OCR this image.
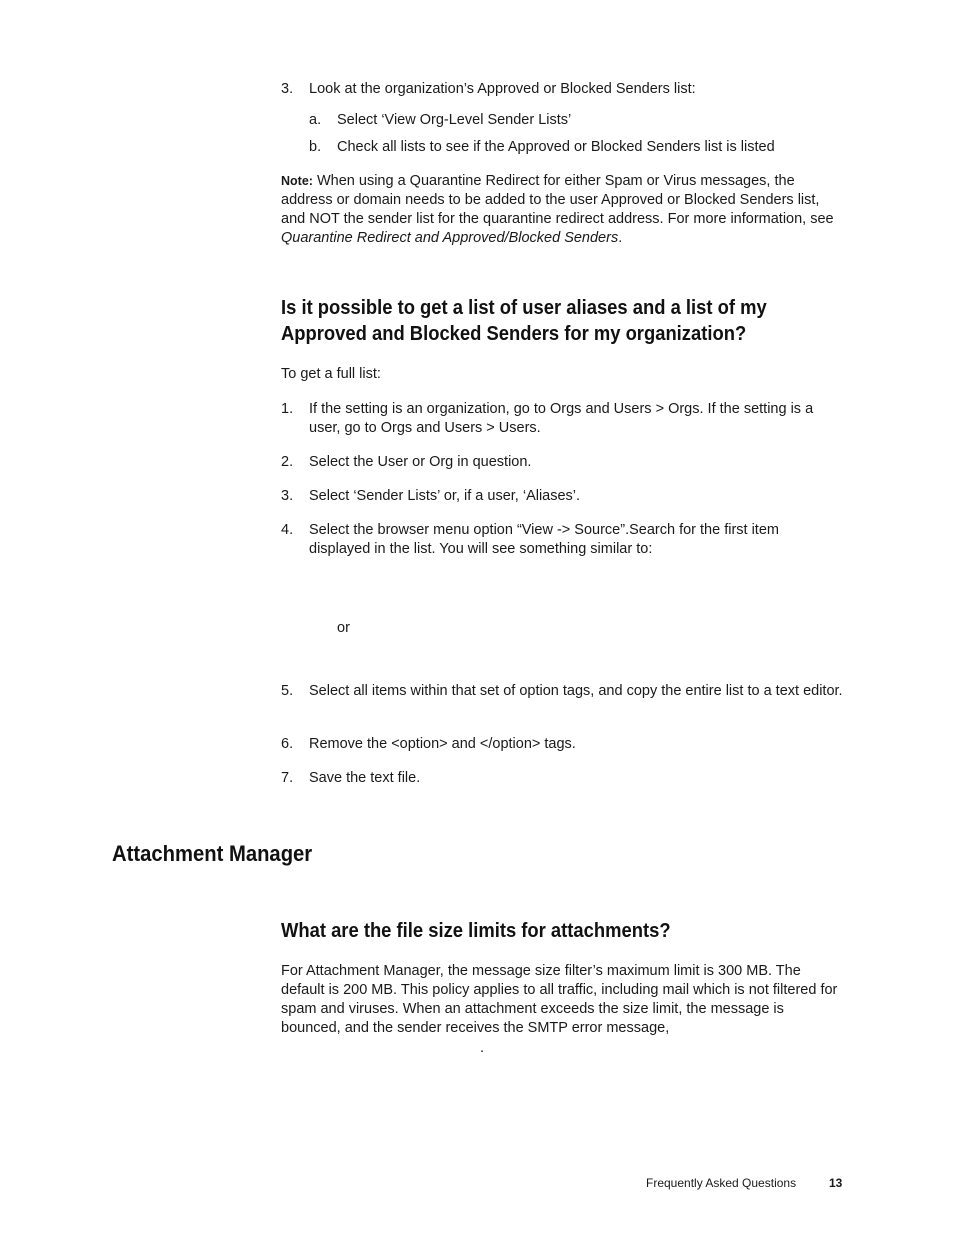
3. Look at the organization’s Approved or Blocked Senders list:
a. Select ‘View Org-Level Sender Lists’
b. Check all lists to see if the Approved or Blocked Senders list is listed
Note: When using a Quarantine Redirect for either Spam or Virus messages, the address or domain needs to be added to the user Approved or Blocked Senders list, and NOT the sender list for the quarantine redirect address. For more information, see Quarantine Redirect and Approved/Blocked Senders.
Is it possible to get a list of user aliases and a list of my Approved and Blocked Senders for my organization?
To get a full list:
1. If the setting is an organization, go to Orgs and Users > Orgs. If the setting is a user, go to Orgs and Users > Users.
2. Select the User or Org in question.
3. Select ‘Sender Lists’ or, if a user, ‘Aliases’.
4. Select the browser menu option “View -> Source”.Search for the first item displayed in the list. You will see something similar to:
or
5. Select all items within that set of option tags, and copy the entire list to a text editor.
6. Remove the <option> and </option> tags.
7. Save the text file.
Attachment Manager
What are the file size limits for attachments?
For Attachment Manager, the message size filter’s maximum limit is 300 MB. The default is 200 MB. This policy applies to all traffic, including mail which is not filtered for spam and viruses. When an attachment exceeds the size limit, the message is bounced, and the sender receives the SMTP error message,
.
Frequently Asked Questions	13
